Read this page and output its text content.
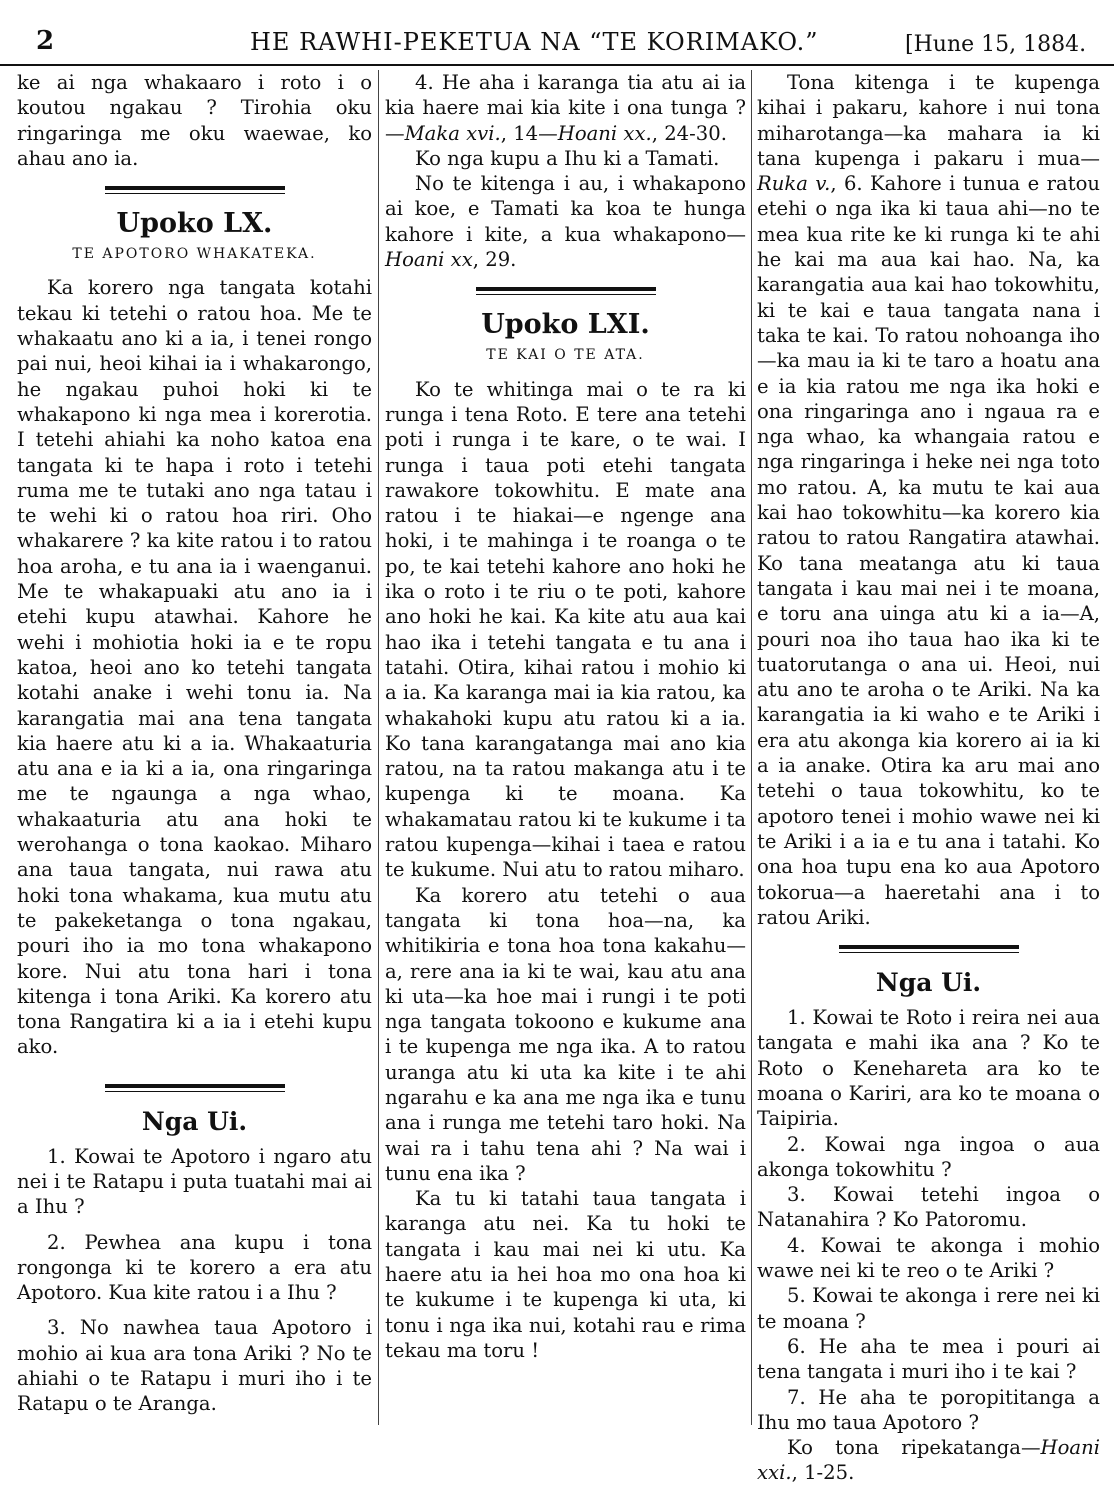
2	HE RAWHI-PEKETUA NA “TE KORIMAKO.”	[Hune 15, 1884.

ke ai nga whakaaro i roto i o koutou ngakau ? Tirohia oku ringaringa me oku waewae, ko ahau ano ia.

Upoko LX.
TE APOTORO WHAKATEKA.

Ka korero nga tangata kotahi tekau ki tetehi o ratou hoa. Me te whakaatu ano ki a ia, i tenei rongo pai nui, heoi kihai ia i whakarongo, he ngakau puhoi hoki ki te whakapono ki nga mea i korerotia. I tetehi ahiahi ka noho katoa ena tangata ki te hapa i roto i tetehi ruma me te tutaki ano nga tatau i te wehi ki o ratou hoa riri. Oho whakarere ? ka kite ratou i to ratou hoa aroha, e tu ana ia i waenganui. Me te whakapuaki atu ano ia i etehi kupu atawhai. Kahore he wehi i mohiotia hoki ia e te ropu katoa, heoi ano ko tetehi tangata kotahi anake i wehi tonu ia. Na karangatia mai ana tena tangata kia haere atu ki a ia. Whakaaturia atu ana e ia ki a ia, ona ringaringa me te ngaunga a nga whao, whakaaturia atu ana hoki te werohanga o tona kaokao. Miharo ana taua tangata, nui rawa atu hoki tona whakama, kua mutu atu te pakeketanga o tona ngakau, pouri iho ia mo tona whakapono kore. Nui atu tona hari i tona kitenga i tona Ariki. Ka korero atu tona Rangatira ki a ia i etehi kupu ako.

Nga Ui.

1. Kowai te Apotoro i ngaro atu nei i te Ratapu i puta tuatahi mai ai a Ihu ?

2. Pewhea ana kupu i tona rongonga ki te korero a era atu Apotoro. Kua kite ratou i a Ihu ?

3. No nawhea taua Apotoro i mohio ai kua ara tona Ariki ? No te ahiahi o te Ratapu i muri iho i te Ratapu o te Aranga.

4. He aha i karanga tia atu ai ia kia haere mai kia kite i ona tunga ?—Maka xvi., 14—Hoani xx., 24-30.

Ko nga kupu a Ihu ki a Tamati.

No te kitenga i au, i whakapono ai koe, e Tamati ka koa te hunga kahore i kite, a kua whakapono—Hoani xx, 29.

Upoko LXI.
TE KAI O TE ATA.

Ko te whitinga mai o te ra ki runga i tena Roto. E tere ana tetehi poti i runga i te kare, o te wai. I runga i taua poti etehi tangata rawakore tokowhitu. E mate ana ratou i te hiakai—e ngenge ana hoki, i te mahinga i te roanga o te po, te kai tetehi kahore ano hoki he ika o roto i te riu o te poti, kahore ano hoki he kai. Ka kite atu aua kai hao ika i tetehi tangata e tu ana i tatahi. Otira, kihai ratou i mohio ki a ia. Ka karanga mai ia kia ratou, ka whakahoki kupu atu ratou ki a ia. Ko tana karangatanga mai ano kia ratou, na ta ratou makanga atu i te kupenga ki te moana. Ka whakamatau ratou ki te kukume i ta ratou kupenga—kihai i taea e ratou te kukume. Nui atu to ratou miharo.

Ka korero atu tetehi o aua tangata ki tona hoa—na, ka whitikiria e tona hoa tona kakahu—a, rere ana ia ki te wai, kau atu ana ki uta—ka hoe mai i rungi i te poti nga tangata tokoono e kukume ana i te kupenga me nga ika. A to ratou uranga atu ki uta ka kite i te ahi ngarahu e ka ana me nga ika e tunu ana i runga me tetehi taro hoki. Na wai ra i tahu tena ahi ? Na wai i tunu ena ika ?

Ka tu ki tatahi taua tangata i karanga atu nei. Ka tu hoki te tangata i kau mai nei ki utu. Ka haere atu ia hei hoa mo ona hoa ki te kukume i te kupenga ki uta, ki tonu i nga ika nui, kotahi rau e rima tekau ma toru !

Tona kitenga i te kupenga kihai i pakaru, kahore i nui tona miharotanga—ka mahara ia ki tana kupenga i pakaru i mua—Ruka v., 6. Kahore i tunua e ratou etehi o nga ika ki taua ahi—no te mea kua rite ke ki runga ki te ahi he kai ma aua kai hao. Na, ka karangatia aua kai hao tokowhitu, ki te kai e taua tangata nana i taka te kai. To ratou nohoanga iho—ka mau ia ki te taro a hoatu ana e ia kia ratou me nga ika hoki e ona ringaringa ano i ngaua ra e nga whao, ka whangaia ratou e nga ringaringa i heke nei nga toto mo ratou. A, ka mutu te kai aua kai hao tokowhitu—ka korero kia ratou to ratou Rangatira atawhai. Ko tana meatanga atu ki taua tangata i kau mai nei i te moana, e toru ana uinga atu ki a ia—A, pouri noa iho taua hao ika ki te tuatorutanga o ana ui. Heoi, nui atu ano te aroha o te Ariki. Na ka karangatia ia ki waho e te Ariki i era atu akonga kia korero ai ia ki a ia anake. Otira ka aru mai ano tetehi o taua tokowhitu, ko te apotoro tenei i mohio wawe nei ki te Ariki i a ia e tu ana i tatahi. Ko ona hoa tupu ena ko aua Apotoro tokorua—a haeretahi ana i to ratou Ariki.

Nga Ui.

1. Kowai te Roto i reira nei aua tangata e mahi ika ana ? Ko te Roto o Kenehareta ara ko te moana o Kariri, ara ko te moana o Taipiria.

2. Kowai nga ingoa o aua akonga tokowhitu ?

3. Kowai tetehi ingoa o Natanahira ? Ko Patoromu.

4. Kowai te akonga i mohio wawe nei ki te reo o te Ariki ?

5. Kowai te akonga i rere nei ki te moana ?

6. He aha te mea i pouri ai tena tangata i muri iho i te kai ?

7. He aha te poropititanga a Ihu mo taua Apotoro ?

Ko tona ripekatanga—Hoani xxi., 1-25.
